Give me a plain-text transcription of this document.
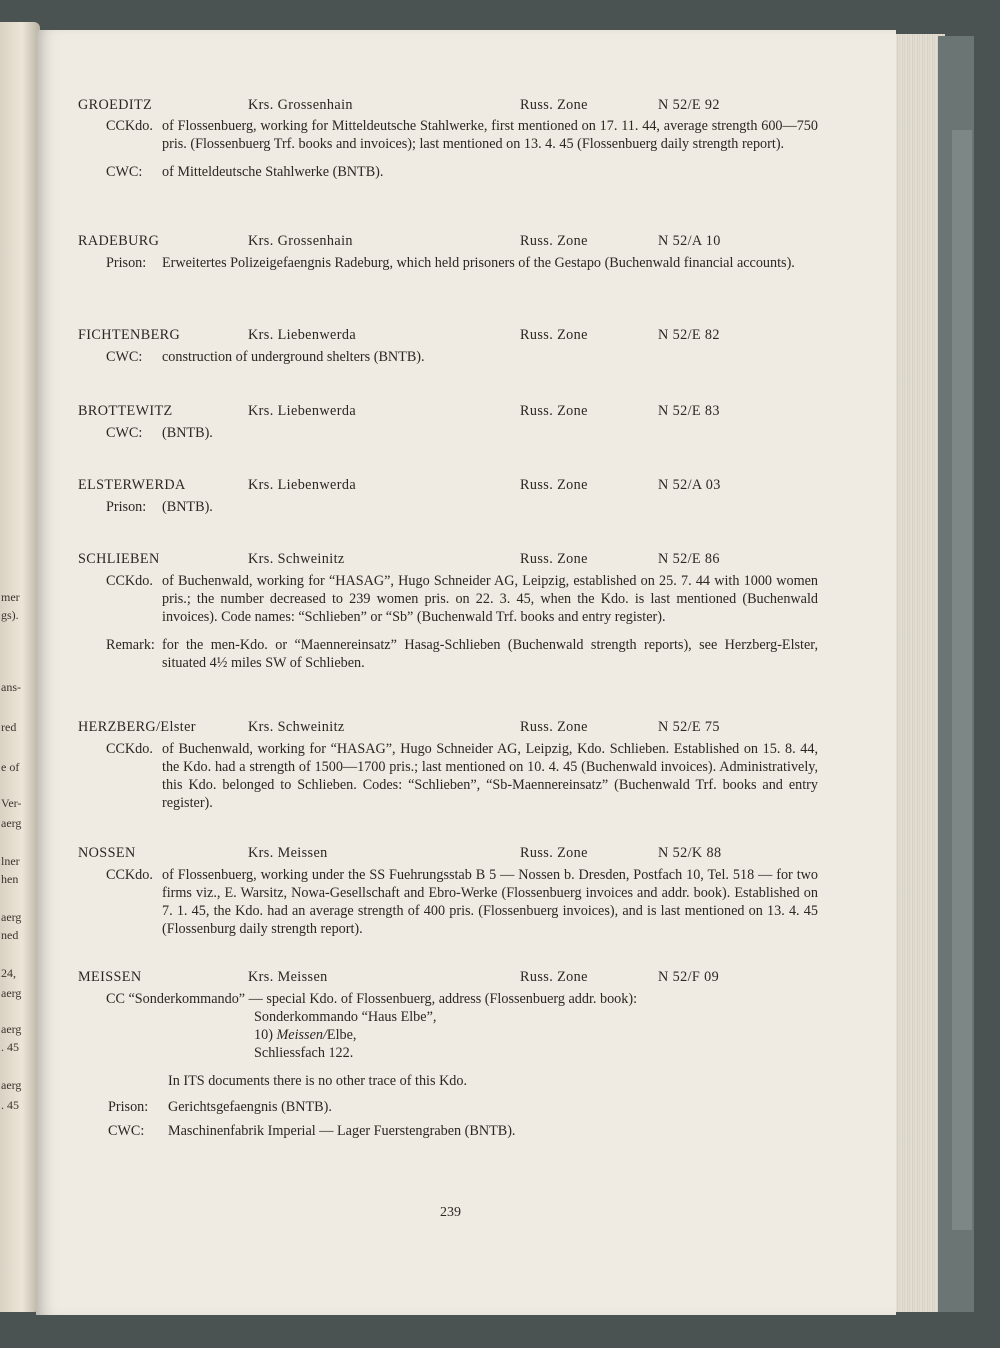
mer
gs).
ans-
red
e of
Ver-
aerg
lner
hen
aerg
ned
24,
aerg
aerg
. 45
aerg
. 45
GROEDITZ	Krs. Grossenhain	Russ. Zone	N 52/E 92
CCKdo. of Flossenbuerg, working for Mitteldeutsche Stahlwerke, first mentioned on 17. 11. 44, average strength 600—750 pris. (Flossenbuerg Trf. books and invoices); last mentioned on 13. 4. 45 (Flossenbuerg daily strength report).
CWC:	of Mitteldeutsche Stahlwerke (BNTB).
RADEBURG	Krs. Grossenhain	Russ. Zone	N 52/A 10
Prison:	Erweitertes Polizeigefaengnis Radeburg, which held prisoners of the Gestapo (Buchenwald financial accounts).
FICHTENBERG	Krs. Liebenwerda	Russ. Zone	N 52/E 82
CWC:	construction of underground shelters (BNTB).
BROTTEWITZ	Krs. Liebenwerda	Russ. Zone	N 52/E 83
CWC:	(BNTB).
ELSTERWERDA	Krs. Liebenwerda	Russ. Zone	N 52/A 03
Prison:	(BNTB).
SCHLIEBEN	Krs. Schweinitz	Russ. Zone	N 52/E 86
CCKdo. of Buchenwald, working for “HASAG”, Hugo Schneider AG, Leipzig, established on 25. 7. 44 with 1000 women pris.; the number decreased to 239 women pris. on 22. 3. 45, when the Kdo. is last mentioned (Buchenwald invoices). Code names: “Schlieben” or “Sb” (Buchenwald Trf. books and entry register).
Remark: for the men-Kdo. or “Maennereinsatz” Hasag-Schlieben (Buchenwald strength reports), see Herzberg-Elster, situated 4½ miles SW of Schlieben.
HERZBERG/Elster	Krs. Schweinitz	Russ. Zone	N 52/E 75
CCKdo. of Buchenwald, working for “HASAG”, Hugo Schneider AG, Leipzig, Kdo. Schlieben. Established on 15. 8. 44, the Kdo. had a strength of 1500—1700 pris.; last mentioned on 10. 4. 45 (Buchenwald invoices). Administratively, this Kdo. belonged to Schlieben. Codes: “Schlieben”, “Sb-Maennereinsatz” (Buchenwald Trf. books and entry register).
NOSSEN	Krs. Meissen	Russ. Zone	N 52/K 88
CCKdo. of Flossenbuerg, working under the SS Fuehrungsstab B 5 — Nossen b. Dresden, Postfach 10, Tel. 518 — for two firms viz., E. Warsitz, Nowa-Gesellschaft and Ebro-Werke (Flossenbuerg invoices and addr. book). Established on 7. 1. 45, the Kdo. had an average strength of 400 pris. (Flossenbuerg invoices), and is last mentioned on 13. 4. 45 (Flossenburg daily strength report).
MEISSEN	Krs. Meissen	Russ. Zone	N 52/F 09
CC “Sonderkommando” — special Kdo. of Flossenbuerg, address (Flossenbuerg addr. book):
Sonderkommando “Haus Elbe”,
10) Meissen/Elbe,
Schliessfach 122.
In ITS documents there is no other trace of this Kdo.
Prison:	Gerichtsgefaengnis (BNTB).
CWC:	Maschinenfabrik Imperial — Lager Fuerstengraben (BNTB).
239
